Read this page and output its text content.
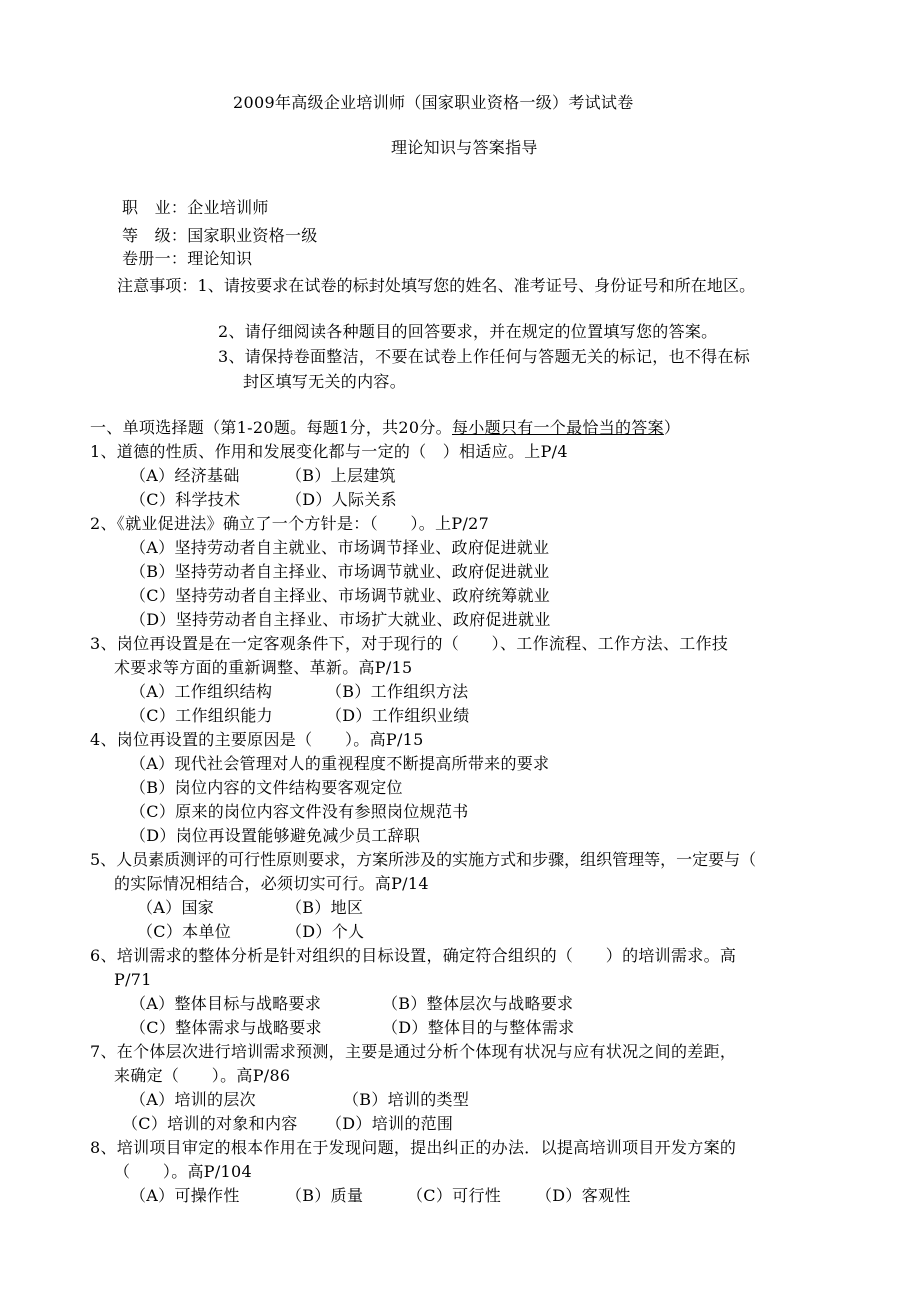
2009年高级企业培训师（国家职业资格一级）考试试卷
理论知识与答案指导
职　业：企业培训师
等　级：国家职业资格一级
卷册一：理论知识
注意事项：1、请按要求在试卷的标封处填写您的姓名、准考证号、身份证号和所在地区。
2、请仔细阅读各种题目的回答要求，并在规定的位置填写您的答案。
3、请保持卷面整洁，不要在试卷上作任何与答题无关的标记，也不得在标
封区填写无关的内容。
一、单项选择题（第1-20题。每题1分，共20分。每小题只有一个最恰当的答案）
1、道德的性质、作用和发展变化都与一定的（　）相适应。上P/4
（A）经济基础	（B）上层建筑
（C）科学技术	（D）人际关系
2、《就业促进法》确立了一个方针是：（　　）。上P/27
（A）坚持劳动者自主就业、市场调节择业、政府促进就业
（B）坚持劳动者自主择业、市场调节就业、政府促进就业
（C）坚持劳动者自主择业、市场调节就业、政府统筹就业
（D）坚持劳动者自主择业、市场扩大就业、政府促进就业
3、岗位再设置是在一定客观条件下，对于现行的（　　）、工作流程、工作方法、工作技
术要求等方面的重新调整、革新。高P/15
（A）工作组织结构	（B）工作组织方法
（C）工作组织能力	（D）工作组织业绩
4、岗位再设置的主要原因是（　　）。高P/15
（A）现代社会管理对人的重视程度不断提高所带来的要求
（B）岗位内容的文件结构要客观定位
（C）原来的岗位内容文件没有参照岗位规范书
（D）岗位再设置能够避免减少员工辞职
5、人员素质测评的可行性原则要求，方案所涉及的实施方式和步骤，组织管理等，一定要与（
的实际情况相结合，必须切实可行。高P/14
（A）国家	（B）地区
（C）本单位	（D）个人
6、培训需求的整体分析是针对组织的目标设置，确定符合组织的（　　）的培训需求。高
P/71
（A）整体目标与战略要求	（B）整体层次与战略要求
（C）整体需求与战略要求	（D）整体目的与整体需求
7、在个体层次进行培训需求预测，主要是通过分析个体现有状况与应有状况之间的差距，
来确定（　　）。高P/86
（A）培训的层次	（B）培训的类型
（C）培训的对象和内容 （D）培训的范围
8、培训项目审定的根本作用在于发现问题，提出纠正的办法．以提高培训项目开发方案的
（　　）。高P/104
（A）可操作性	（B）质量	（C）可行性 （D）客观性
